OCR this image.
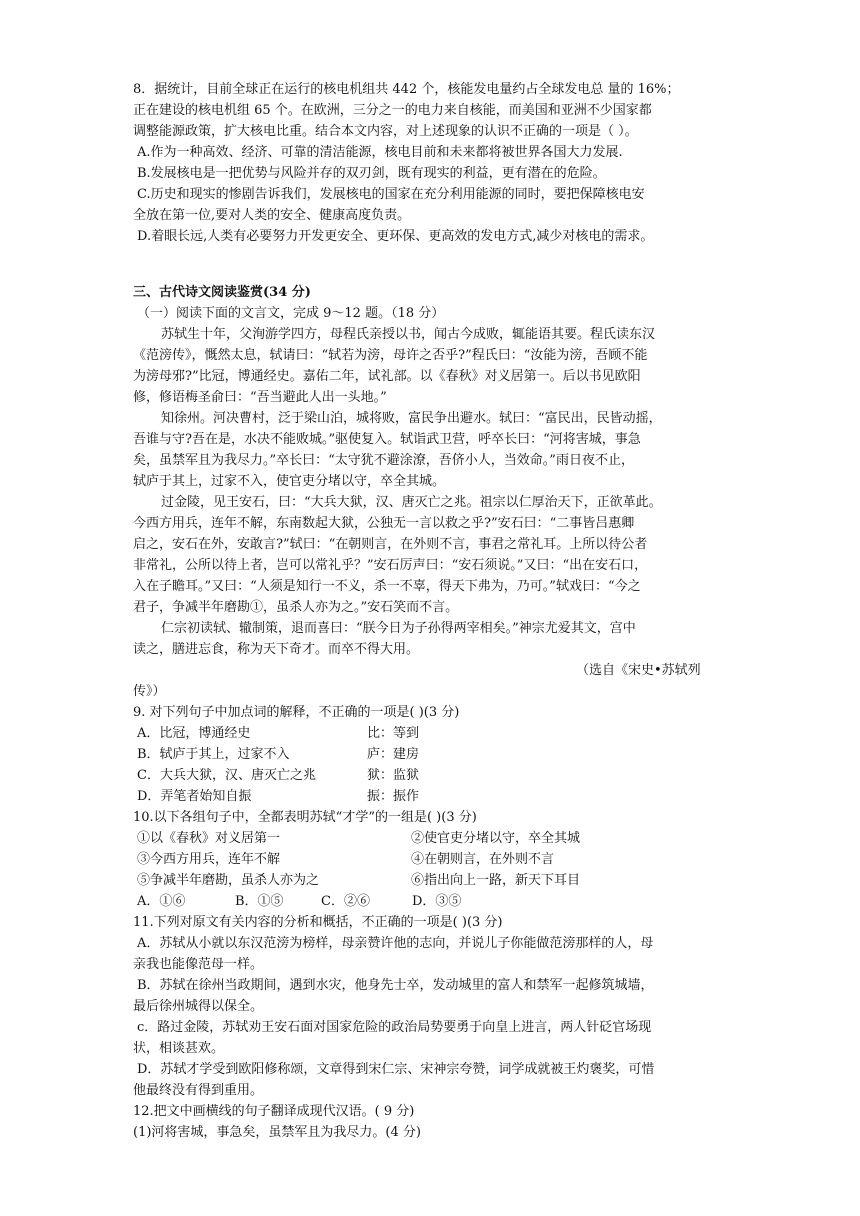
8．据统计，目前全球正在运行的核电机组共 442 个，核能发电量约占全球发电总 量的 16%；
正在建设的核电机组 65 个。在欧洲，三分之一的电力来自核能，而美国和亚洲不少国家都
调整能源政策，扩大核电比重。结合本文内容，对上述现象的认识不正确的一项是（ ）。
A.作为一种高效、经济、可靠的清洁能源，核电目前和未来都将被世界各国大力发展.
B.发展核电是一把优势与风险并存的双刃剑，既有现实的利益，更有潜在的危险。
C.历史和现实的惨剧告诉我们，发展核电的国家在充分利用能源的同时，要把保障核电安
全放在第一位,要对人类的安全、健康高度负责。
D.着眼长远,人类有必要努力开发更安全、更环保、更高效的发电方式,减少对核电的需求。
三、古代诗文阅读鉴赏(34 分)
（一）阅读下面的文言文，完成 9～12 题。（18 分）
苏轼生十年，父洵游学四方，母程氏亲授以书，闻古今成败，辄能语其要。程氏读东汉
《范滂传》，慨然太息，轼请曰：“轼若为滂，母许之否乎?”程氏曰：“汝能为滂，吾顾不能
为滂母邪?”比冠，博通经史。嘉佑二年，试礼部。以《春秋》对义居第一。后以书见欧阳
修，修语梅圣俞曰：“吾当避此人出一头地。”
知徐州。河决曹村，泛于梁山泊，城将败，富民争出避水。轼曰：“富民出，民皆动摇，
吾谁与守?吾在是，水决不能败城。”驱使复入。轼诣武卫营，呼卒长曰：“河将害城，事急
矣，虽禁军且为我尽力。”卒长曰：“太守犹不避涂潦，吾侪小人，当效命。”雨日夜不止，
轼庐于其上，过家不入，使官吏分堵以守，卒全其城。
过金陵，见王安石，曰：“大兵大狱，汉、唐灭亡之兆。祖宗以仁厚治天下，正欲革此。
今西方用兵，连年不解，东南数起大狱，公独无一言以救之乎?”安石曰：“二事皆吕惠卿
启之，安石在外，安敢言?”轼曰：“在朝则言，在外则不言，事君之常礼耳。上所以待公者
非常礼，公所以待上者，岂可以常礼乎？”安石厉声曰：“安石须说。”又曰：“出在安石口，
入在子瞻耳。”又曰：“人须是知行一不义，杀一不辜，得天下弗为，乃可。”轼戏曰：“今之
君子，争减半年磨勘①，虽杀人亦为之。”安石笑而不言。
仁宗初读轼、辙制策，退而喜曰：“朕今日为子孙得两宰相矣。”神宗尤爱其文，宫中
读之，膳进忘食，称为天下奇才。而卒不得大用。
（选自《宋史•苏轼列
传》）
9. 对下列句子中加点词的解释，不正确的一项是( )(3 分)
A．比冠，博通经史	比：等到
B．轼庐于其上，过家不入	庐：建房
C．大兵大狱，汉、唐灭亡之兆	狱：监狱
D．弄笔者始知自振	振：振作
10.以下各组句子中，全都表明苏轼“才学”的一组是( )(3 分)
①以《春秋》对义居第一	②使官吏分堵以守，卒全其城
③今西方用兵，连年不解	④在朝则言，在外则不言
⑤争减半年磨勘，虽杀人亦为之	⑥指出向上一路，新天下耳目
A．①⑥	B．①⑤	C．②⑥	D．③⑤
11.下列对原文有关内容的分析和概括，不正确的一项是( )(3 分)
A．苏轼从小就以东汉范滂为榜样，母亲赞许他的志向，并说儿子你能做范滂那样的人，母
亲我也能像范母一样。
B．苏轼在徐州当政期间，遇到水灾，他身先士卒，发动城里的富人和禁军一起修筑城墙，
最后徐州城得以保全。
c．路过金陵，苏轼劝王安石面对国家危险的政治局势要勇于向皇上进言，两人针砭官场现
状，相谈甚欢。
D．苏轼才学受到欧阳修称颂，文章得到宋仁宗、宋神宗夸赞，词学成就被王灼褒奖，可惜
他最终没有得到重用。
12.把文中画横线的句子翻译成现代汉语。( 9 分)
(1)河将害城，事急矣，虽禁军且为我尽力。(4 分)
